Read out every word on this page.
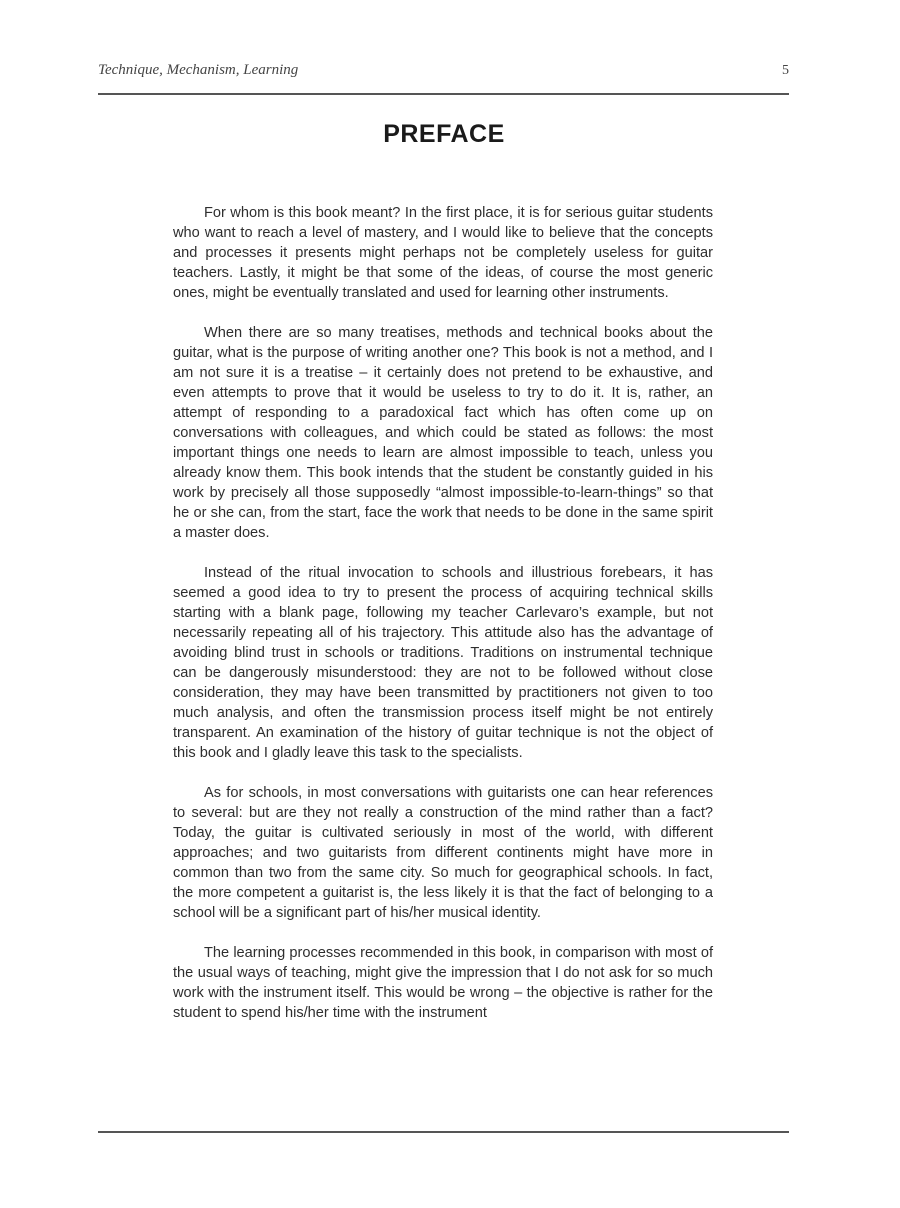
Technique, Mechanism, Learning	5
PREFACE

For whom is this book meant? In the first place, it is for serious guitar students who want to reach a level of mastery, and I would like to believe that the concepts and processes it presents might perhaps not be completely useless for guitar teachers. Lastly, it might be that some of the ideas, of course the most generic ones, might be eventually translated and used for learning other instruments.

When there are so many treatises, methods and technical books about the guitar, what is the purpose of writing another one? This book is not a method, and I am not sure it is a treatise – it certainly does not pretend to be exhaustive, and even attempts to prove that it would be useless to try to do it. It is, rather, an attempt of responding to a paradoxical fact which has often come up on conversations with colleagues, and which could be stated as follows: the most important things one needs to learn are almost impossible to teach, unless you already know them. This book intends that the student be constantly guided in his work by precisely all those supposedly “almost impossible-to-learn-things” so that he or she can, from the start, face the work that needs to be done in the same spirit a master does.

Instead of the ritual invocation to schools and illustrious forebears, it has seemed a good idea to try to present the process of acquiring technical skills starting with a blank page, following my teacher Carlevaro’s example, but not necessarily repeating all of his trajectory. This attitude also has the advantage of avoiding blind trust in schools or traditions. Traditions on instrumental technique can be dangerously misunderstood: they are not to be followed without close consideration, they may have been transmitted by practitioners not given to too much analysis, and often the transmission process itself might be not entirely transparent. An examination of the history of guitar technique is not the object of this book and I gladly leave this task to the specialists.

As for schools, in most conversations with guitarists one can hear references to several: but are they not really a construction of the mind rather than a fact? Today, the guitar is cultivated seriously in most of the world, with different approaches; and two guitarists from different continents might have more in common than two from the same city. So much for geographical schools. In fact, the more competent a guitarist is, the less likely it is that the fact of belonging to a school will be a significant part of his/her musical identity.

The learning processes recommended in this book, in comparison with most of the usual ways of teaching, might give the impression that I do not ask for so much work with the instrument itself. This would be wrong – the objective is rather for the student to spend his/her time with the instrument
